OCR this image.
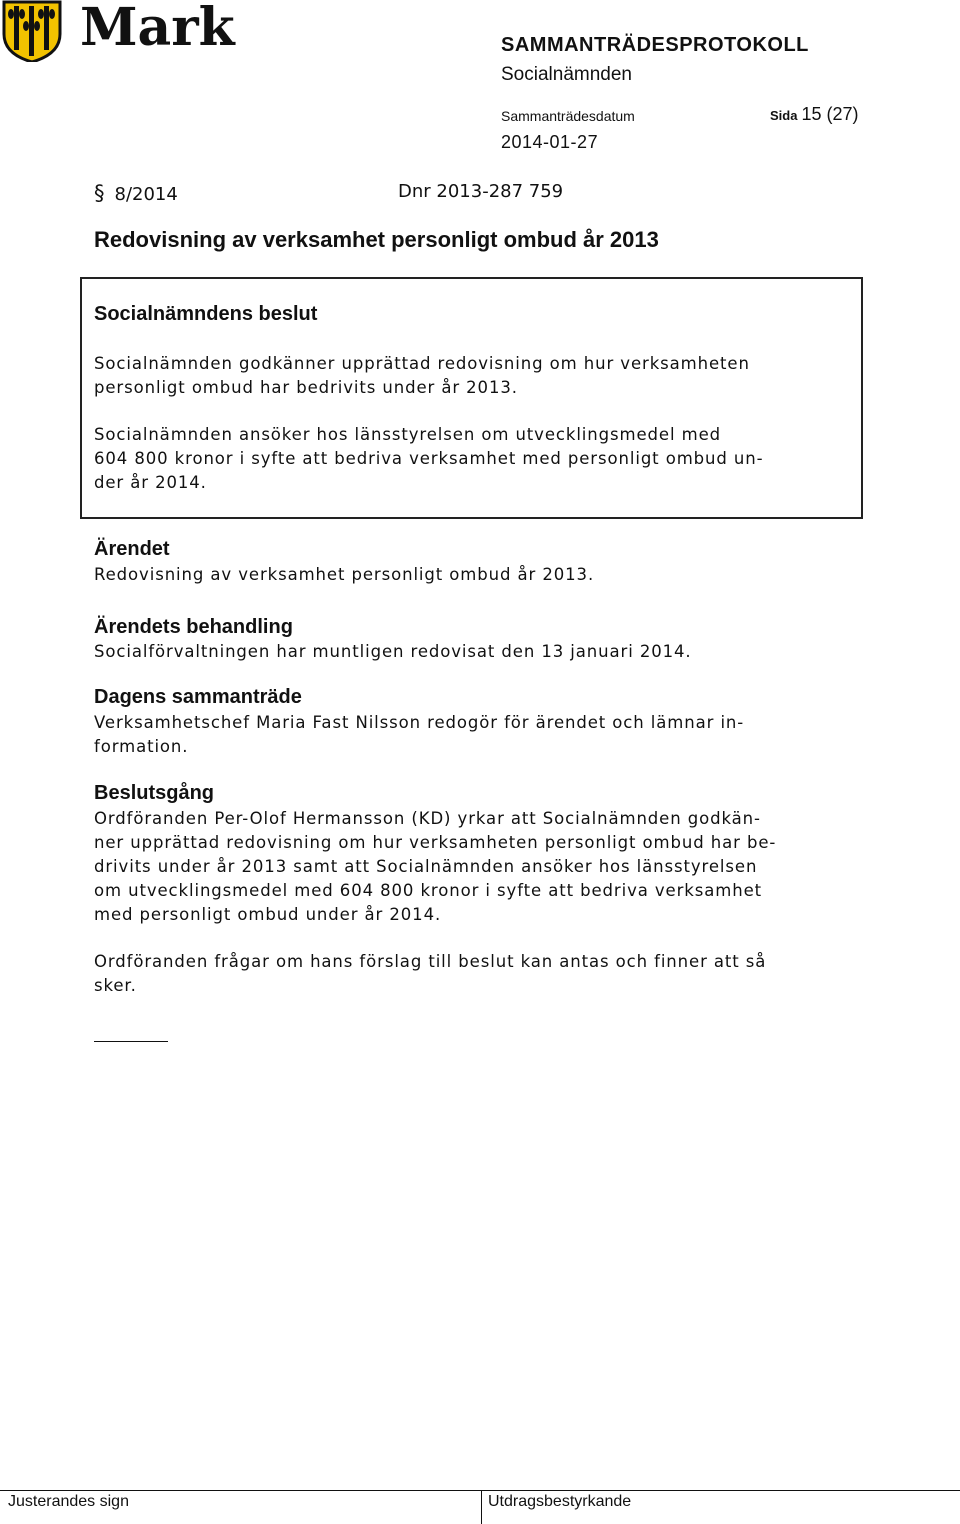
Mark	SAMMANTRÄDESPROTOKOLL
Socialnämnden
Sammanträdesdatum	Sida 15 (27)
2014-01-27
§ 8/2014	Dnr 2013-287 759
Redovisning av verksamhet personligt ombud år 2013
Socialnämndens beslut
Socialnämnden godkänner upprättad redovisning om hur verksamheten
personligt ombud har bedrivits under år 2013.
Socialnämnden ansöker hos länsstyrelsen om utvecklingsmedel med
604 800 kronor i syfte att bedriva verksamhet med personligt ombud un-
der år 2014.
Ärendet
Redovisning av verksamhet personligt ombud år 2013.
Ärendets behandling
Socialförvaltningen har muntligen redovisat den 13 januari 2014.
Dagens sammanträde
Verksamhetschef Maria Fast Nilsson redogör för ärendet och lämnar in-
formation.
Beslutsgång
Ordföranden Per-Olof Hermansson (KD) yrkar att Socialnämnden godkän-
ner upprättad redovisning om hur verksamheten personligt ombud har be-
drivits under år 2013 samt att Socialnämnden ansöker hos länsstyrelsen
om utvecklingsmedel med 604 800 kronor i syfte att bedriva verksamhet
med personligt ombud under år 2014.
Ordföranden frågar om hans förslag till beslut kan antas och finner att så
sker.
Justerandes sign	Utdragsbestyrkande
